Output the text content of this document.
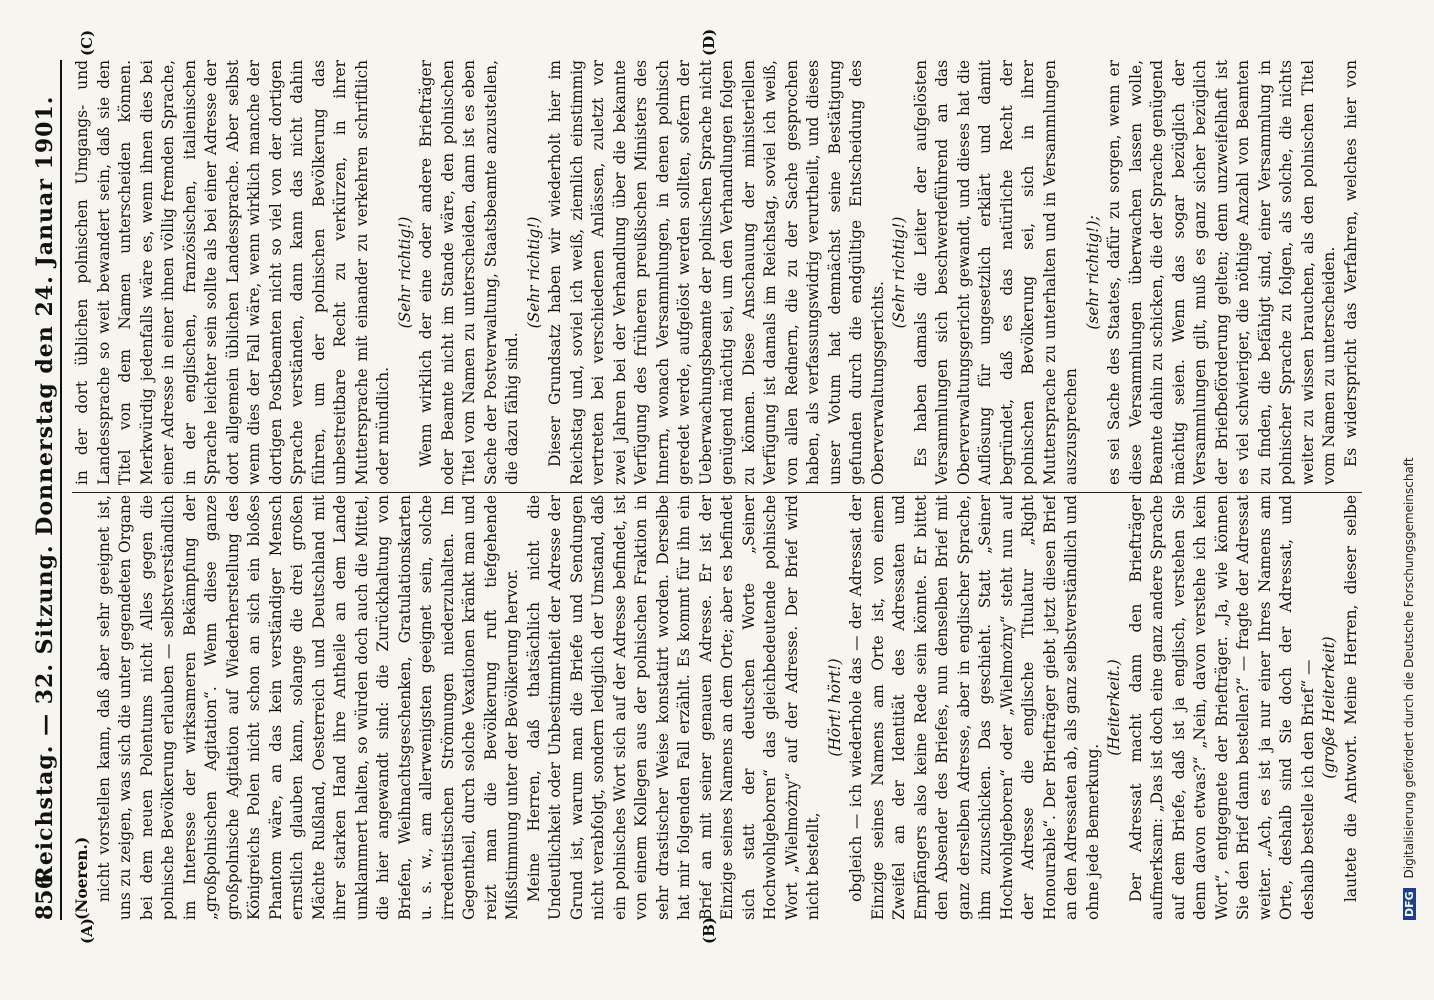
856
Reichstag. — 32. Sitzung. Donnerstag den 24. Januar 1901.
(A)	(B)
(C)	(D)

(Noeren.) nicht vorstellen kann, daß aber sehr geeignet ist, uns zu zeigen, was sich die unter gegendeten Organe bei dem neuen Polentums nicht Alles gegen die polnische Bevölkerung erlauben — selbstverständlich im Interesse der wirksameren Bekämpfung der „großpolnischen Agitation“. Wenn diese ganze großpolnische Agitation auf Wiederherstellung des Königreichs Polen nicht schon an sich ein bloßes Phantom wäre, an das kein verständiger Mensch ernstlich glauben kann, solange die drei großen Mächte Rußland, Oesterreich und Deutschland mit ihrer starken Hand ihre Antheile an dem Lande umklammert halten, so würden doch auch die Mittel, die hier angewandt sind: die Zurückhaltung von Briefen, Weihnachtsgeschenken, Gratulationskarten u. s. w., am allerwenigsten geeignet sein, solche irredentistischen Strömungen niederzuhalten. Im Gegentheil, durch solche Vexationen kränkt man und reizt man die Bevölkerung ruft tiefgehende Mißstimmung unter der Bevölkerung hervor. Meine Herren, daß thatsächlich nicht die Undeutlichkeit oder Unbestimmtheit der Adresse der Grund ist, warum man die Briefe und Sendungen nicht verabfolgt, sondern lediglich der Umstand, daß ein polnisches Wort sich auf der Adresse befindet, ist von einem Kollegen aus der polnischen Fraktion in sehr drastischer Weise konstatirt worden. Derselbe hat mir folgenden Fall erzählt. Es kommt für ihn ein Brief an mit seiner genauen Adresse. Er ist der Einzige seines Namens an dem Orte; aber es befindet sich statt der deutschen Worte „Seiner Hochwohlgeboren“ das gleichbedeutende polnische Wort „Wielmożny“ auf der Adresse. Der Brief wird nicht bestellt,

(Hört! hört!) obgleich — ich wiederhole das — der Adressat der Einzige seines Namens am Orte ist, von einem Zweifel an der Identität des Adressaten und Empfängers also keine Rede sein könnte. Er bittet den Absender des Briefes, nun denselben Brief mit ganz derselben Adresse, aber in englischer Sprache, ihm zuzuschicken. Das geschieht. Statt „Seiner Hochwohlgeboren“ oder „Wielmożny“ steht nun auf der Adresse die englische Titulatur „Right Honourable“. Der Briefträger giebt jetzt diesen Brief an den Adressaten ab, als ganz selbstverständlich und ohne jede Bemerkung.

(Heiterkeit.) Der Adressat macht dann den Briefträger aufmerksam: „Das ist doch eine ganz andere Sprache auf dem Briefe, daß ist ja englisch, verstehen Sie denn davon etwas?“ „Nein, davon verstehe ich kein Wort“, entgegnete der Briefträger. „Ja, wie können Sie den Brief dann bestellen?“ — fragte der Adressat weiter. „Ach, es ist ja nur einer Ihres Namens am Orte, deshalb sind Sie doch der Adressat, und deshalb bestelle ich den Brief“ — (große Heiterkeit)

lautete die Antwort. Meine Herren, dieser selbe

in der dort üblichen polnischen Umgangs- und Landessprache so weit bewandert sein, daß sie den Titel von dem Namen unterscheiden können. Merkwürdig jedenfalls wäre es, wenn ihnen dies bei einer Adresse in einer ihnen völlig fremden Sprache, in der englischen, französischen, italienischen Sprache leichter sein sollte als bei einer Adresse der dort allgemein üblichen Landessprache. Aber selbst wenn dies der Fall wäre, wenn wirklich manche der dortigen Postbeamten nicht so viel von der dortigen Sprache verständen, dann kann das nicht dahin führen, um der polnischen Bevölkerung das unbestreitbare Recht zu verkürzen, in ihrer Muttersprache mit einander zu verkehren schriftlich oder mündlich.

(Sehr richtig!) Wenn wirklich der eine oder andere Briefträger oder Beamte nicht im Stande wäre, den polnischen Titel vom Namen zu unterscheiden, dann ist es eben Sache der Postverwaltung, Staatsbeamte anzustellen, die dazu fähig sind.

(Sehr richtig!) Dieser Grundsatz haben wir wiederholt hier im Reichstag und, soviel ich weiß, ziemlich einstimmig vertreten bei verschiedenen Anlässen, zuletzt vor zwei Jahren bei der Verhandlung über die bekannte Verfügung des früheren preußischen Ministers des Innern, wonach Versammlungen, in denen polnisch geredet werde, aufgelöst werden sollten, sofern der Ueberwachungsbeamte der polnischen Sprache nicht genügend mächtig sei, um den Verhandlungen folgen zu können. Diese Anschauung der ministeriellen Verfügung ist damals im Reichstag, soviel ich weiß, von allen Rednern, die zu der Sache gesprochen haben, als verfassungswidrig verurtheilt, und dieses unser Votum hat demnächst seine Bestätigung gefunden durch die endgültige Entscheidung des Oberverwaltungsgerichts.

(Sehr richtig!) Es haben damals die Leiter der aufgelösten Versammlungen sich beschwerdeführend an das Oberverwaltungsgericht gewandt, und dieses hat die Auflösung für ungesetzlich erklärt und damit begründet, daß es das natürliche Recht der polnischen Bevölkerung sei, sich in ihrer Muttersprache zu unterhalten und in Versammlungen auszusprechen

(sehr richtig!); es sei Sache des Staates, dafür zu sorgen, wenn er diese Versammlungen überwachen lassen wolle, Beamte dahin zu schicken, die der Sprache genügend mächtig seien. Wenn das sogar bezüglich der Versammlungen gilt, muß es ganz sicher bezüglich der Briefbeförderung gelten; denn unzweifelhaft ist es viel schwieriger, die nöthige Anzahl von Beamten zu finden, die befähigt sind, einer Versammlung in polnischer Sprache zu folgen, als solche, die nichts weiter zu wissen brauchen, als den polnischen Titel vom Namen zu unterscheiden. Es widerspricht das Verfahren, welches hier von

DFG Digitalisierung gefördert durch die Deutsche Forschungsgemeinschaft
